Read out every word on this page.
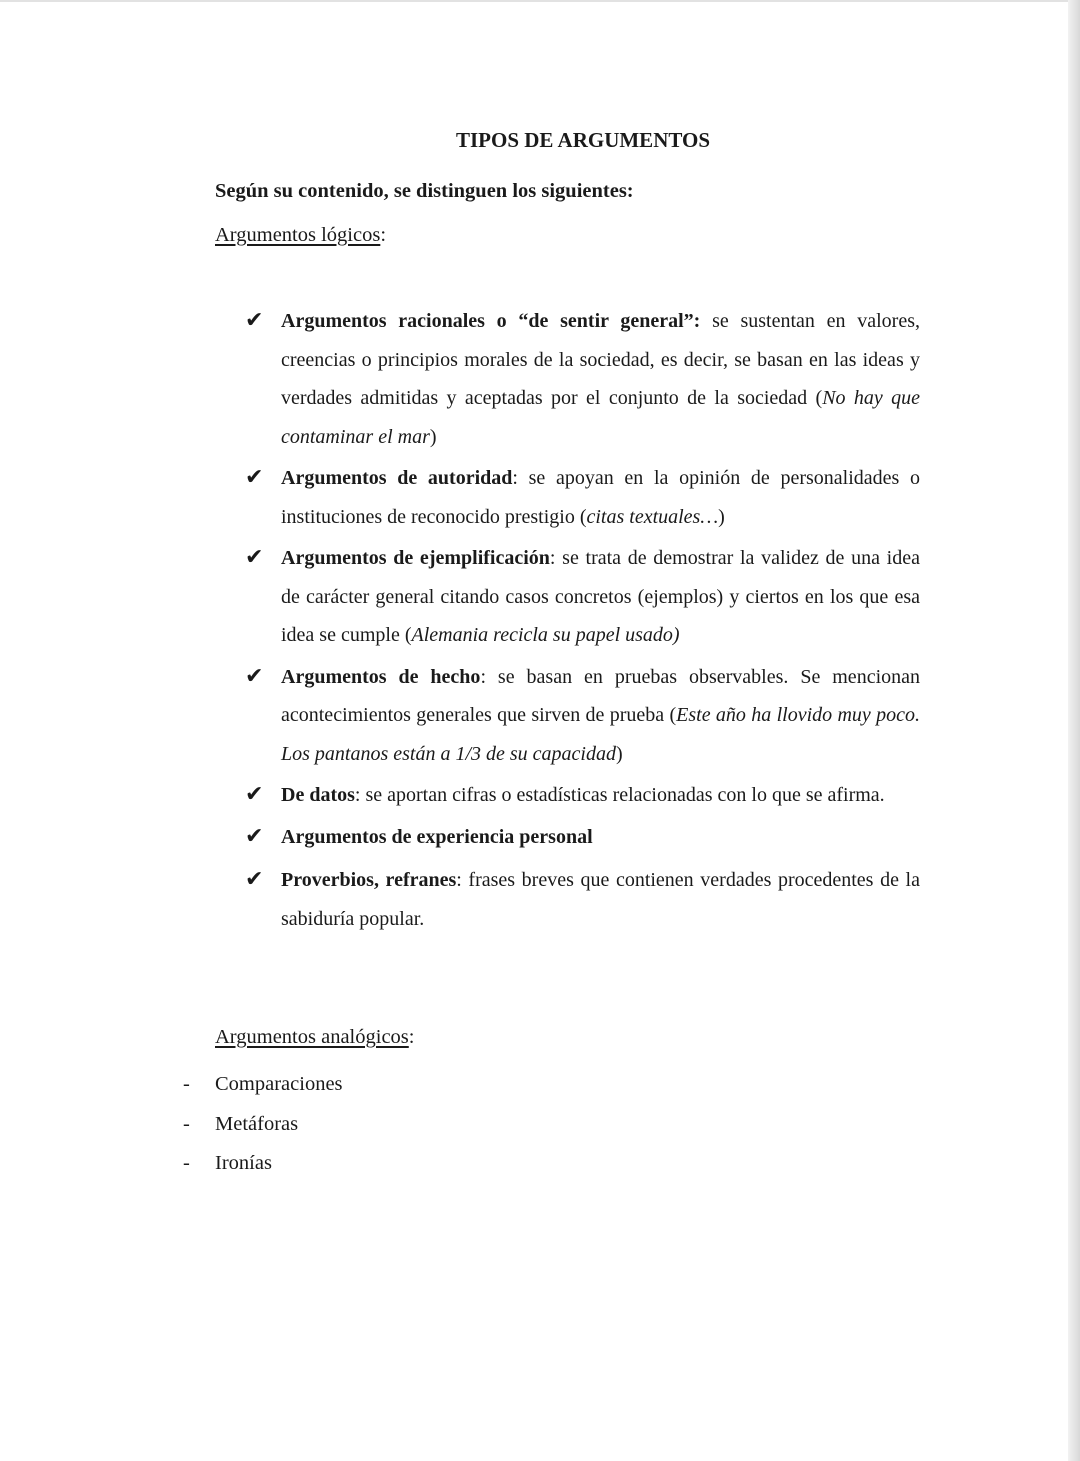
TIPOS DE ARGUMENTOS

Según su contenido, se distinguen los siguientes:

Argumentos lógicos:

✔ Argumentos racionales o “de sentir general”: se sustentan en valores, creencias o principios morales de la sociedad, es decir, se basan en las ideas y verdades admitidas y aceptadas por el conjunto de la sociedad (No hay que contaminar el mar)
✔ Argumentos de autoridad: se apoyan en la opinión de personalidades o instituciones de reconocido prestigio (citas textuales…)
✔ Argumentos de ejemplificación: se trata de demostrar la validez de una idea de carácter general citando casos concretos (ejemplos) y ciertos en los que esa idea se cumple (Alemania recicla su papel usado)
✔ Argumentos de hecho: se basan en pruebas observables. Se mencionan acontecimientos generales que sirven de prueba (Este año ha llovido muy poco. Los pantanos están a 1/3 de su capacidad)
✔ De datos: se aportan cifras o estadísticas relacionadas con lo que se afirma.
✔ Argumentos de experiencia personal
✔ Proverbios, refranes: frases breves que contienen verdades procedentes de la sabiduría popular.

Argumentos analógicos:

- Comparaciones
- Metáforas
- Ironías
